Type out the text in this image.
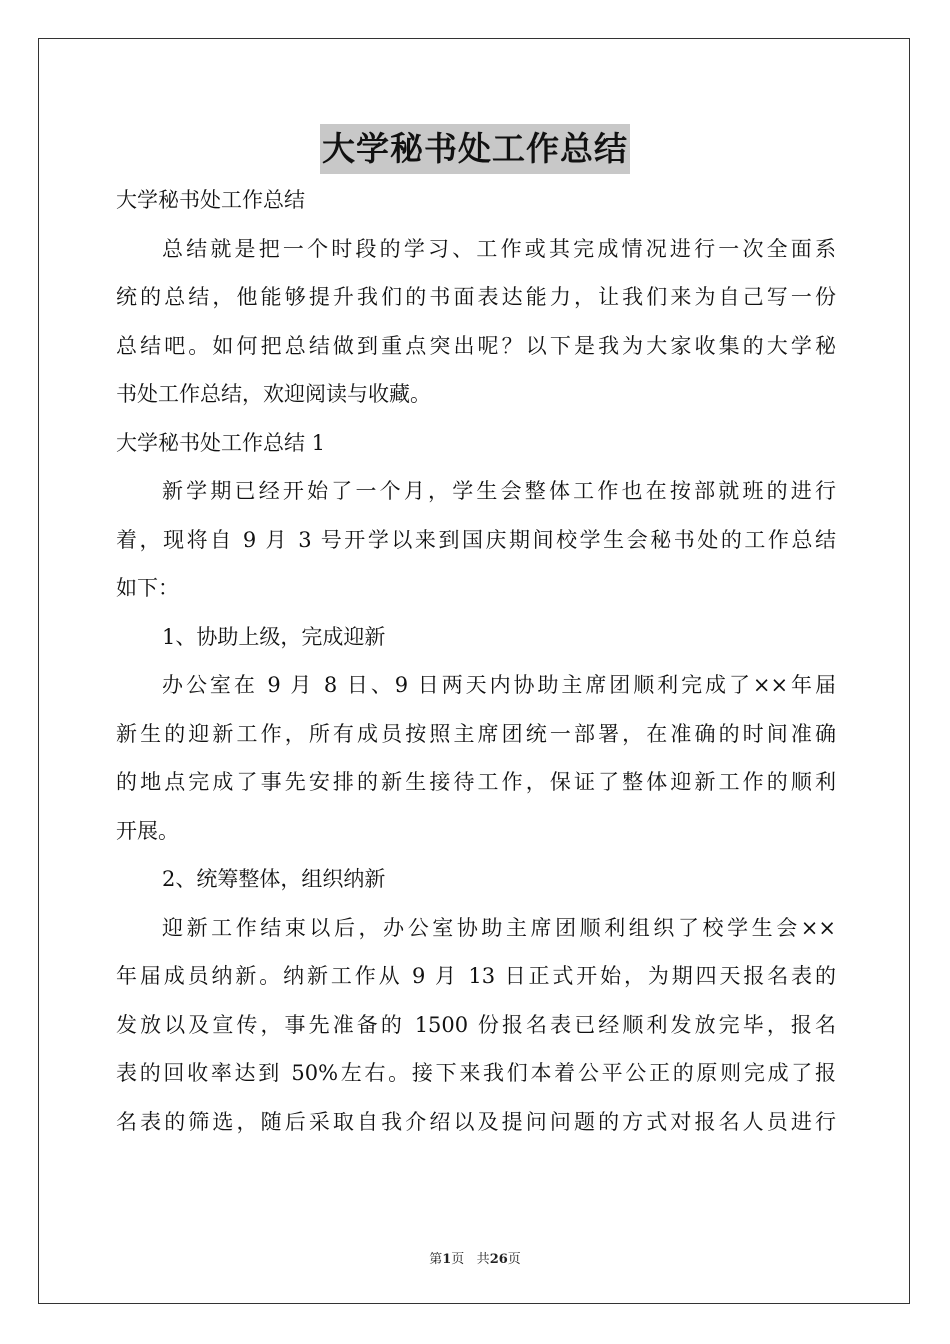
大学秘书处工作总结
大学秘书处工作总结
总结就是把一个时段的学习、工作或其完成情况进行一次全面系
统的总结，他能够提升我们的书面表达能力，让我们来为自己写一份
总结吧。如何把总结做到重点突出呢？以下是我为大家收集的大学秘
书处工作总结，欢迎阅读与收藏。
大学秘书处工作总结 1
新学期已经开始了一个月，学生会整体工作也在按部就班的进行
着，现将自 9 月 3 号开学以来到国庆期间校学生会秘书处的工作总结
如下：
1、协助上级，完成迎新
办公室在 9 月 8 日、9 日两天内协助主席团顺利完成了××年届
新生的迎新工作，所有成员按照主席团统一部署，在准确的时间准确
的地点完成了事先安排的新生接待工作，保证了整体迎新工作的顺利
开展。
2、统筹整体，组织纳新
迎新工作结束以后，办公室协助主席团顺利组织了校学生会××
年届成员纳新。纳新工作从 9 月 13 日正式开始，为期四天报名表的
发放以及宣传，事先准备的 1500 份报名表已经顺利发放完毕，报名
表的回收率达到 50%左右。接下来我们本着公平公正的原则完成了报
名表的筛选，随后采取自我介绍以及提问问题的方式对报名人员进行
第1页 共26页
